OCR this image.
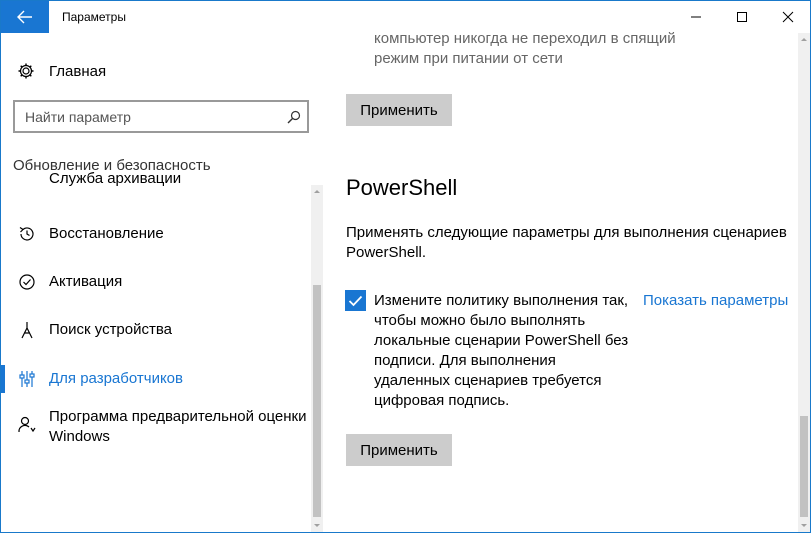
Параметры
Главная
Найти параметр
Обновление и безопасность
Служба архивации
Восстановление
Активация
Поиск устройства
Для разработчиков
Программа предварительной оценки Windows
компьютер никогда не переходил в спящий режим при питании от сети
Применить
PowerShell
Применять следующие параметры для выполнения сценариев PowerShell.
Измените политику выполнения так, чтобы можно было выполнять локальные сценарии PowerShell без подписи. Для выполнения удаленных сценариев требуется цифровая подпись.
Показать параметры
Применить
